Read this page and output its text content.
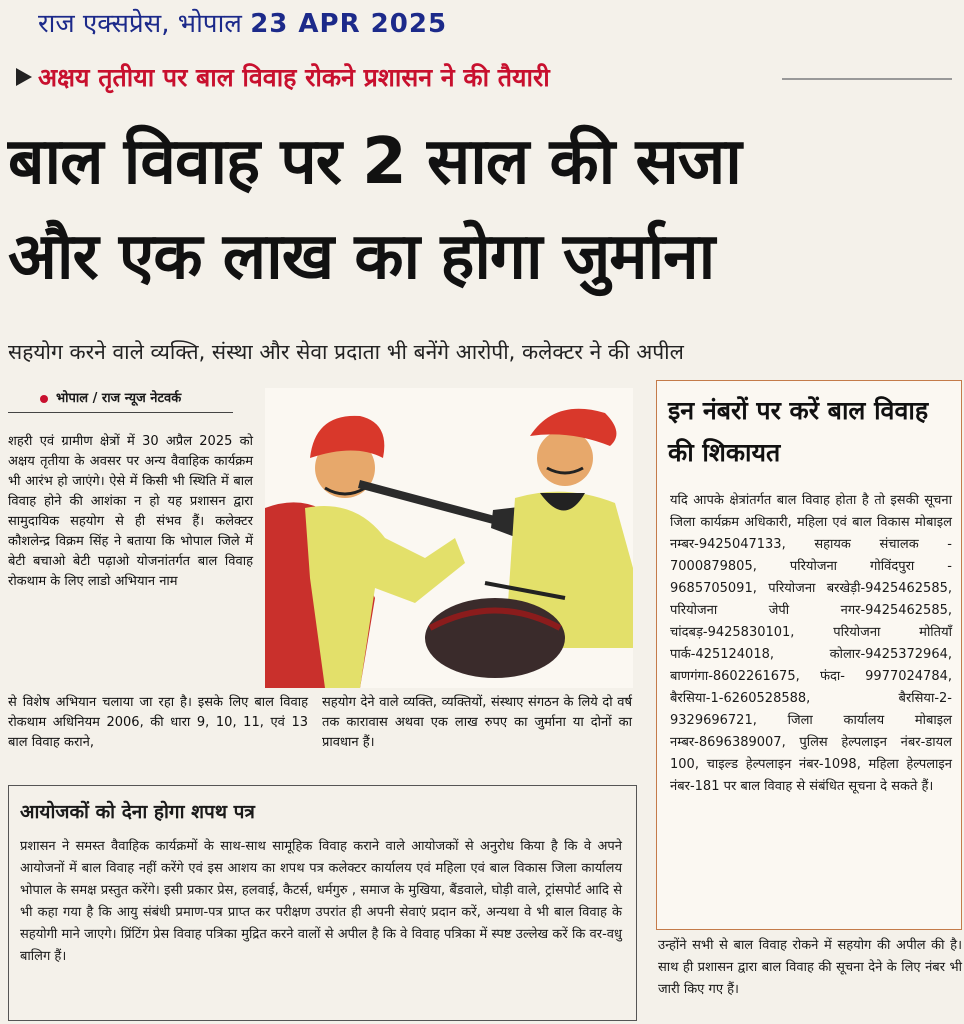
राज एक्सप्रेस, भोपाल 23 APR 2025
अक्षय तृतीया पर बाल विवाह रोकने प्रशासन ने की तैयारी
बाल विवाह पर 2 साल की सजा
और एक लाख का होगा जुर्माना
सहयोग करने वाले व्यक्ति, संस्था और सेवा प्रदाता भी बनेंगे आरोपी, कलेक्टर ने की अपील
भोपाल / राज न्यूज नेटवर्क
शहरी एवं ग्रामीण क्षेत्रों में 30 अप्रैल 2025 को अक्षय तृतीया के अवसर पर अन्य वैवाहिक कार्यक्रम भी आरंभ हो जाएंगे। ऐसे में किसी भी स्थिति में बाल विवाह होने की आशंका न हो यह प्रशासन द्वारा सामुदायिक सहयोग से ही संभव हैं। कलेक्टर कौशलेन्द्र विक्रम सिंह ने बताया कि भोपाल जिले में बेटी बचाओ बेटी पढ़ाओ योजनांतर्गत बाल विवाह रोकथाम के लिए लाडो अभियान नाम
से विशेष अभियान चलाया जा रहा है। इसके लिए बाल विवाह रोकथाम अधिनियम 2006, की धारा 9, 10, 11, एवं 13 बाल विवाह कराने,
सहयोग देने वाले व्यक्ति, व्यक्तियों, संस्थाए संगठन के लिये दो वर्ष तक कारावास अथवा एक लाख रुपए का जुर्माना या दोनों का प्रावधान हैं।
इन नंबरों पर करें बाल विवाह की शिकायत
यदि आपके क्षेत्रांतर्गत बाल विवाह होता है तो इसकी सूचना जिला कार्यक्रम अधिकारी, महिला एवं बाल विकास मोबाइल नम्बर-9425047133, सहायक संचालक - 7000879805, परियोजना गोविंदपुरा - 9685705091, परियोजना बरखेड़ी-9425462585, परियोजना जेपी नगर-9425462585, चांदबड़-9425830101, परियोजना मोतियाँ पार्क-425124018, कोलार-9425372964, बाणगंगा-8602261675, फंदा- 9977024784, बैरसिया-1-6260528588, बैरसिया-2-9329696721, जिला कार्यालय मोबाइल नम्बर-8696389007, पुलिस हेल्पलाइन नंबर-डायल 100, चाइल्ड हेल्पलाइन नंबर-1098, महिला हेल्पलाइन नंबर-181 पर बाल विवाह से संबंधित सूचना दे सकते हैं।
उन्होंने सभी से बाल विवाह रोकने में सहयोग की अपील की है। साथ ही प्रशासन द्वारा बाल विवाह की सूचना देने के लिए नंबर भी जारी किए गए हैं।
आयोजकों को देना होगा शपथ पत्र
प्रशासन ने समस्त वैवाहिक कार्यक्रमों के साथ-साथ सामूहिक विवाह कराने वाले आयोजकों से अनुरोध किया है कि वे अपने आयोजनों में बाल विवाह नहीं करेंगे एवं इस आशय का शपथ पत्र कलेक्टर कार्यालय एवं महिला एवं बाल विकास जिला कार्यालय भोपाल के समक्ष प्रस्तुत करेंगे। इसी प्रकार प्रेस, हलवाई, कैटर्स, धर्मगुरु , समाज के मुखिया, बैंडवाले, घोड़ी वाले, ट्रांसपोर्ट आदि से भी कहा गया है कि आयु संबंधी प्रमाण-पत्र प्राप्त कर परीक्षण उपरांत ही अपनी सेवाएं प्रदान करें, अन्यथा वे भी बाल विवाह के सहयोगी माने जाएगे। प्रिंटिंग प्रेस विवाह पत्रिका मुद्रित करने वालों से अपील है कि वे विवाह पत्रिका में स्पष्ट उल्लेख करें कि वर-वधु बालिग हैं।
